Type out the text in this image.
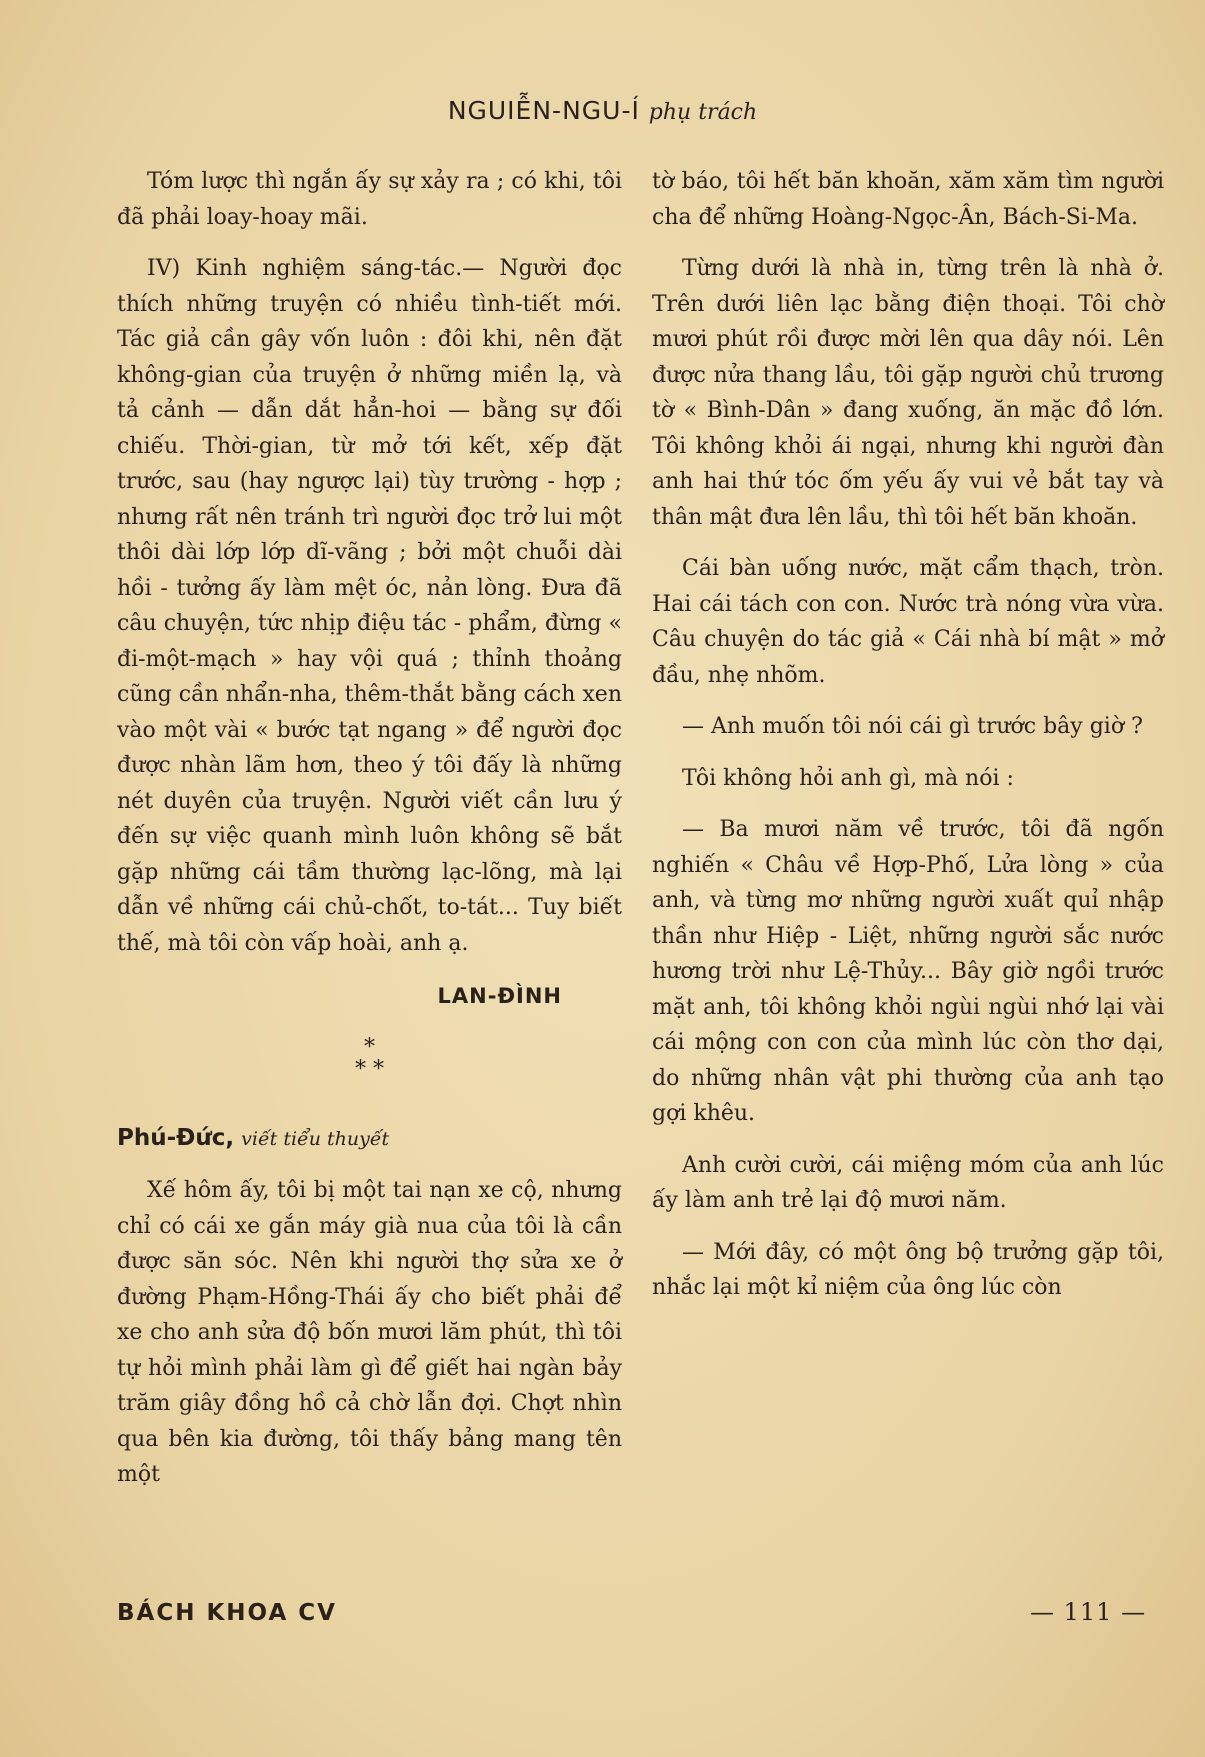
NGUIỄN-NGU-Í phụ trách

Tóm lược thì ngắn ấy sự xảy ra ; có khi, tôi đã phải loay-hoay mãi.

IV) Kinh nghiệm sáng-tác.— Người đọc thích những truyện có nhiều tình-tiết mới. Tác giả cần gây vốn luôn : đôi khi, nên đặt không-gian của truyện ở những miền lạ, và tả cảnh — dẫn dắt hẳn-hoi — bằng sự đối chiếu. Thời-gian, từ mở tới kết, xếp đặt trước, sau (hay ngược lại) tùy trường - hợp ; nhưng rất nên tránh trì người đọc trở lui một thôi dài lớp lớp dĩ-vãng ; bởi một chuỗi dài hồi - tưởng ấy làm mệt óc, nản lòng. Đưa đã câu chuyện, tức nhịp điệu tác - phẩm, đừng « đi-một-mạch » hay vội quá ; thỉnh thoảng cũng cần nhẩn-nha, thêm-thắt bằng cách xen vào một vài « bước tạt ngang » để người đọc được nhàn lãm hơn, theo ý tôi đấy là những nét duyên của truyện. Người viết cần lưu ý đến sự việc quanh mình luôn không sẽ bắt gặp những cái tầm thường lạc-lõng, mà lại dẫn về những cái chủ-chốt, to-tát... Tuy biết thế, mà tôi còn vấp hoài, anh ạ.

LAN-ĐÌNH
*
* *
Phú-Đức, viết tiểu thuyết

Xế hôm ấy, tôi bị một tai nạn xe cộ, nhưng chỉ có cái xe gắn máy già nua của tôi là cần được săn sóc. Nên khi người thợ sửa xe ở đường Phạm-Hồng-Thái ấy cho biết phải để xe cho anh sửa độ bốn mươi lăm phút, thì tôi tự hỏi mình phải làm gì để giết hai ngàn bảy trăm giây đồng hồ cả chờ lẫn đợi. Chợt nhìn qua bên kia đường, tôi thấy bảng mang tên một

tờ báo, tôi hết băn khoăn, xăm xăm tìm người cha để những Hoàng-Ngọc-Ân, Bách-Si-Ma.

Từng dưới là nhà in, từng trên là nhà ở. Trên dưới liên lạc bằng điện thoại. Tôi chờ mươi phút rồi được mời lên qua dây nói. Lên được nửa thang lầu, tôi gặp người chủ trương tờ « Bình-Dân » đang xuống, ăn mặc đồ lớn. Tôi không khỏi ái ngại, nhưng khi người đàn anh hai thứ tóc ốm yếu ấy vui vẻ bắt tay và thân mật đưa lên lầu, thì tôi hết băn khoăn.

Cái bàn uống nước, mặt cẩm thạch, tròn. Hai cái tách con con. Nước trà nóng vừa vừa. Câu chuyện do tác giả « Cái nhà bí mật » mở đầu, nhẹ nhõm.

— Anh muốn tôi nói cái gì trước bây giờ ?

Tôi không hỏi anh gì, mà nói :

— Ba mươi năm về trước, tôi đã ngốn nghiến « Châu về Hợp-Phố, Lửa lòng » của anh, và từng mơ những người xuất quỉ nhập thần như Hiệp - Liệt, những người sắc nước hương trời như Lệ-Thủy... Bây giờ ngồi trước mặt anh, tôi không khỏi ngùi ngùi nhớ lại vài cái mộng con con của mình lúc còn thơ dại, do những nhân vật phi thường của anh tạo gợi khêu.

Anh cười cười, cái miệng móm của anh lúc ấy làm anh trẻ lại độ mươi năm.

— Mới đây, có một ông bộ trưởng gặp tôi, nhắc lại một kỉ niệm của ông lúc còn

BÁCH KHOA CV	— 111 —
